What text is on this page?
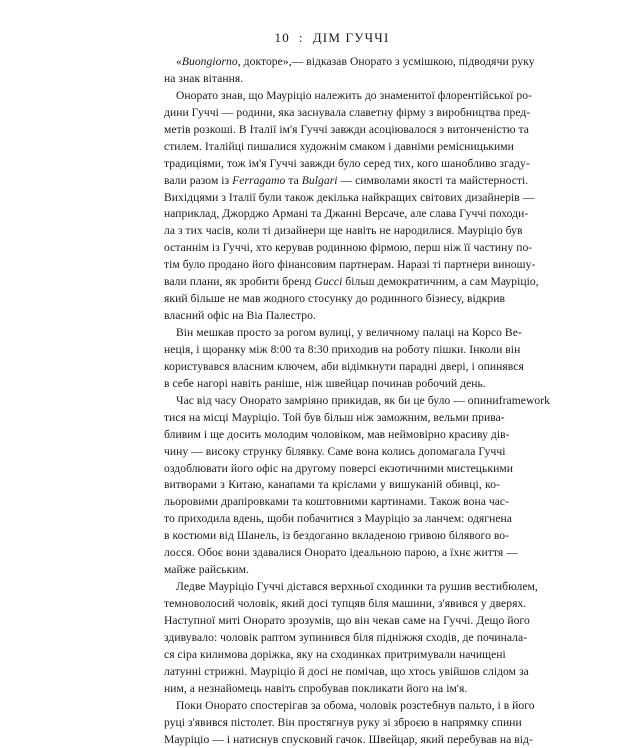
10 : ДІМ ГУЧЧІ
«Buongiorno, докторе»,— відказав Онорато з усмішкою, підводячи руку
на знак вітання.
Онорато знав, що Мауріціо належить до знаменитої флорентійської ро-
дини Гуччі — родини, яка заснувала славетну фірму з виробництва пред-
метів розкоші. В Італії ім'я Гуччі завжди асоціювалося з витонченістю та
стилем. Італійці пишалися художнім смаком і давніми ремісницькими
традиціями, тож ім'я Гуччі завжди було серед тих, кого шанобливо згаду-
вали разом із Ferragamo та Bulgari — символами якості та майстерності.
Вихідцями з Італії були також декілька найкращих світових дизайнерів —
наприклад, Джорджо Армані та Джанні Версаче, але слава Гуччі походи-
ла з тих часів, коли ті дизайнери ще навіть не народилися. Мауріціо був
останнім із Гуччі, хто керував родинною фірмою, перш ніж її частину по-
тім було продано його фінансовим партнерам. Наразі ті партнери виношу-
вали плани, як зробити бренд Gucci більш демократичним, а сам Мауріціо,
який більше не мав жодного стосунку до родинного бізнесу, відкрив
власний офіс на Віа Палестро.
Він мешкав просто за рогом вулиці, у величному палаці на Корсо Ве-
неція, і щоранку між 8:00 та 8:30 приходив на роботу пішки. Інколи він
користувався власним ключем, аби відімкнути парадні двері, і опинявся
в себе нагорі навіть раніше, ніж швейцар починав робочий день.
Час від часу Онорато замріяно прикидав, як би це було — опиниframework
тися на місці Мауріціо. Той був більш ніж заможним, вельми прива-
бливим і ще досить молодим чоловіком, мав неймовірно красиву дів-
чину — високу струнку білявку. Саме вона колись допомагала Гуччі
оздоблювати його офіс на другому поверсі екзотичними мистецькими
витворами з Китаю, канапами та кріслами у вишуканій обивці, ко-
льоровими драпіровками та коштовними картинами. Також вона час-
то приходила вдень, щоби побачитися з Мауріціо за ланчем: одягнена
в костюми від Шанель, із бездоганно вкладеною гривою білявого во-
лосся. Обоє вони здавалися Онорато ідеальною парою, а їхнє життя —
майже райським.
Ледве Мауріціо Гуччі дістався верхньої сходинки та рушив вестибюлем,
темноволосий чоловік, який досі тупцяв біля машини, з'явився у дверях.
Наступної миті Онорато зрозумів, що він чекав саме на Гуччі. Дещо його
здивувало: чоловік раптом зупинився біля підніжжя сходів, де починала-
ся сіра килимова доріжка, яку на сходинках притримували начищені
латунні стрижні. Мауріціо й досі не помічав, що хтось увійшов слідом за
ним, а незнайомець навіть спробував покликати його на ім'я.
Поки Онорато спостерігав за обома, чоловік розстебнув пальто, і в його
руці з'явився пістолет. Він простягнув руку зі зброєю в напрямку спини
Мауріціо — і натиснув спусковий гачок. Швейцар, який перебував на від-
